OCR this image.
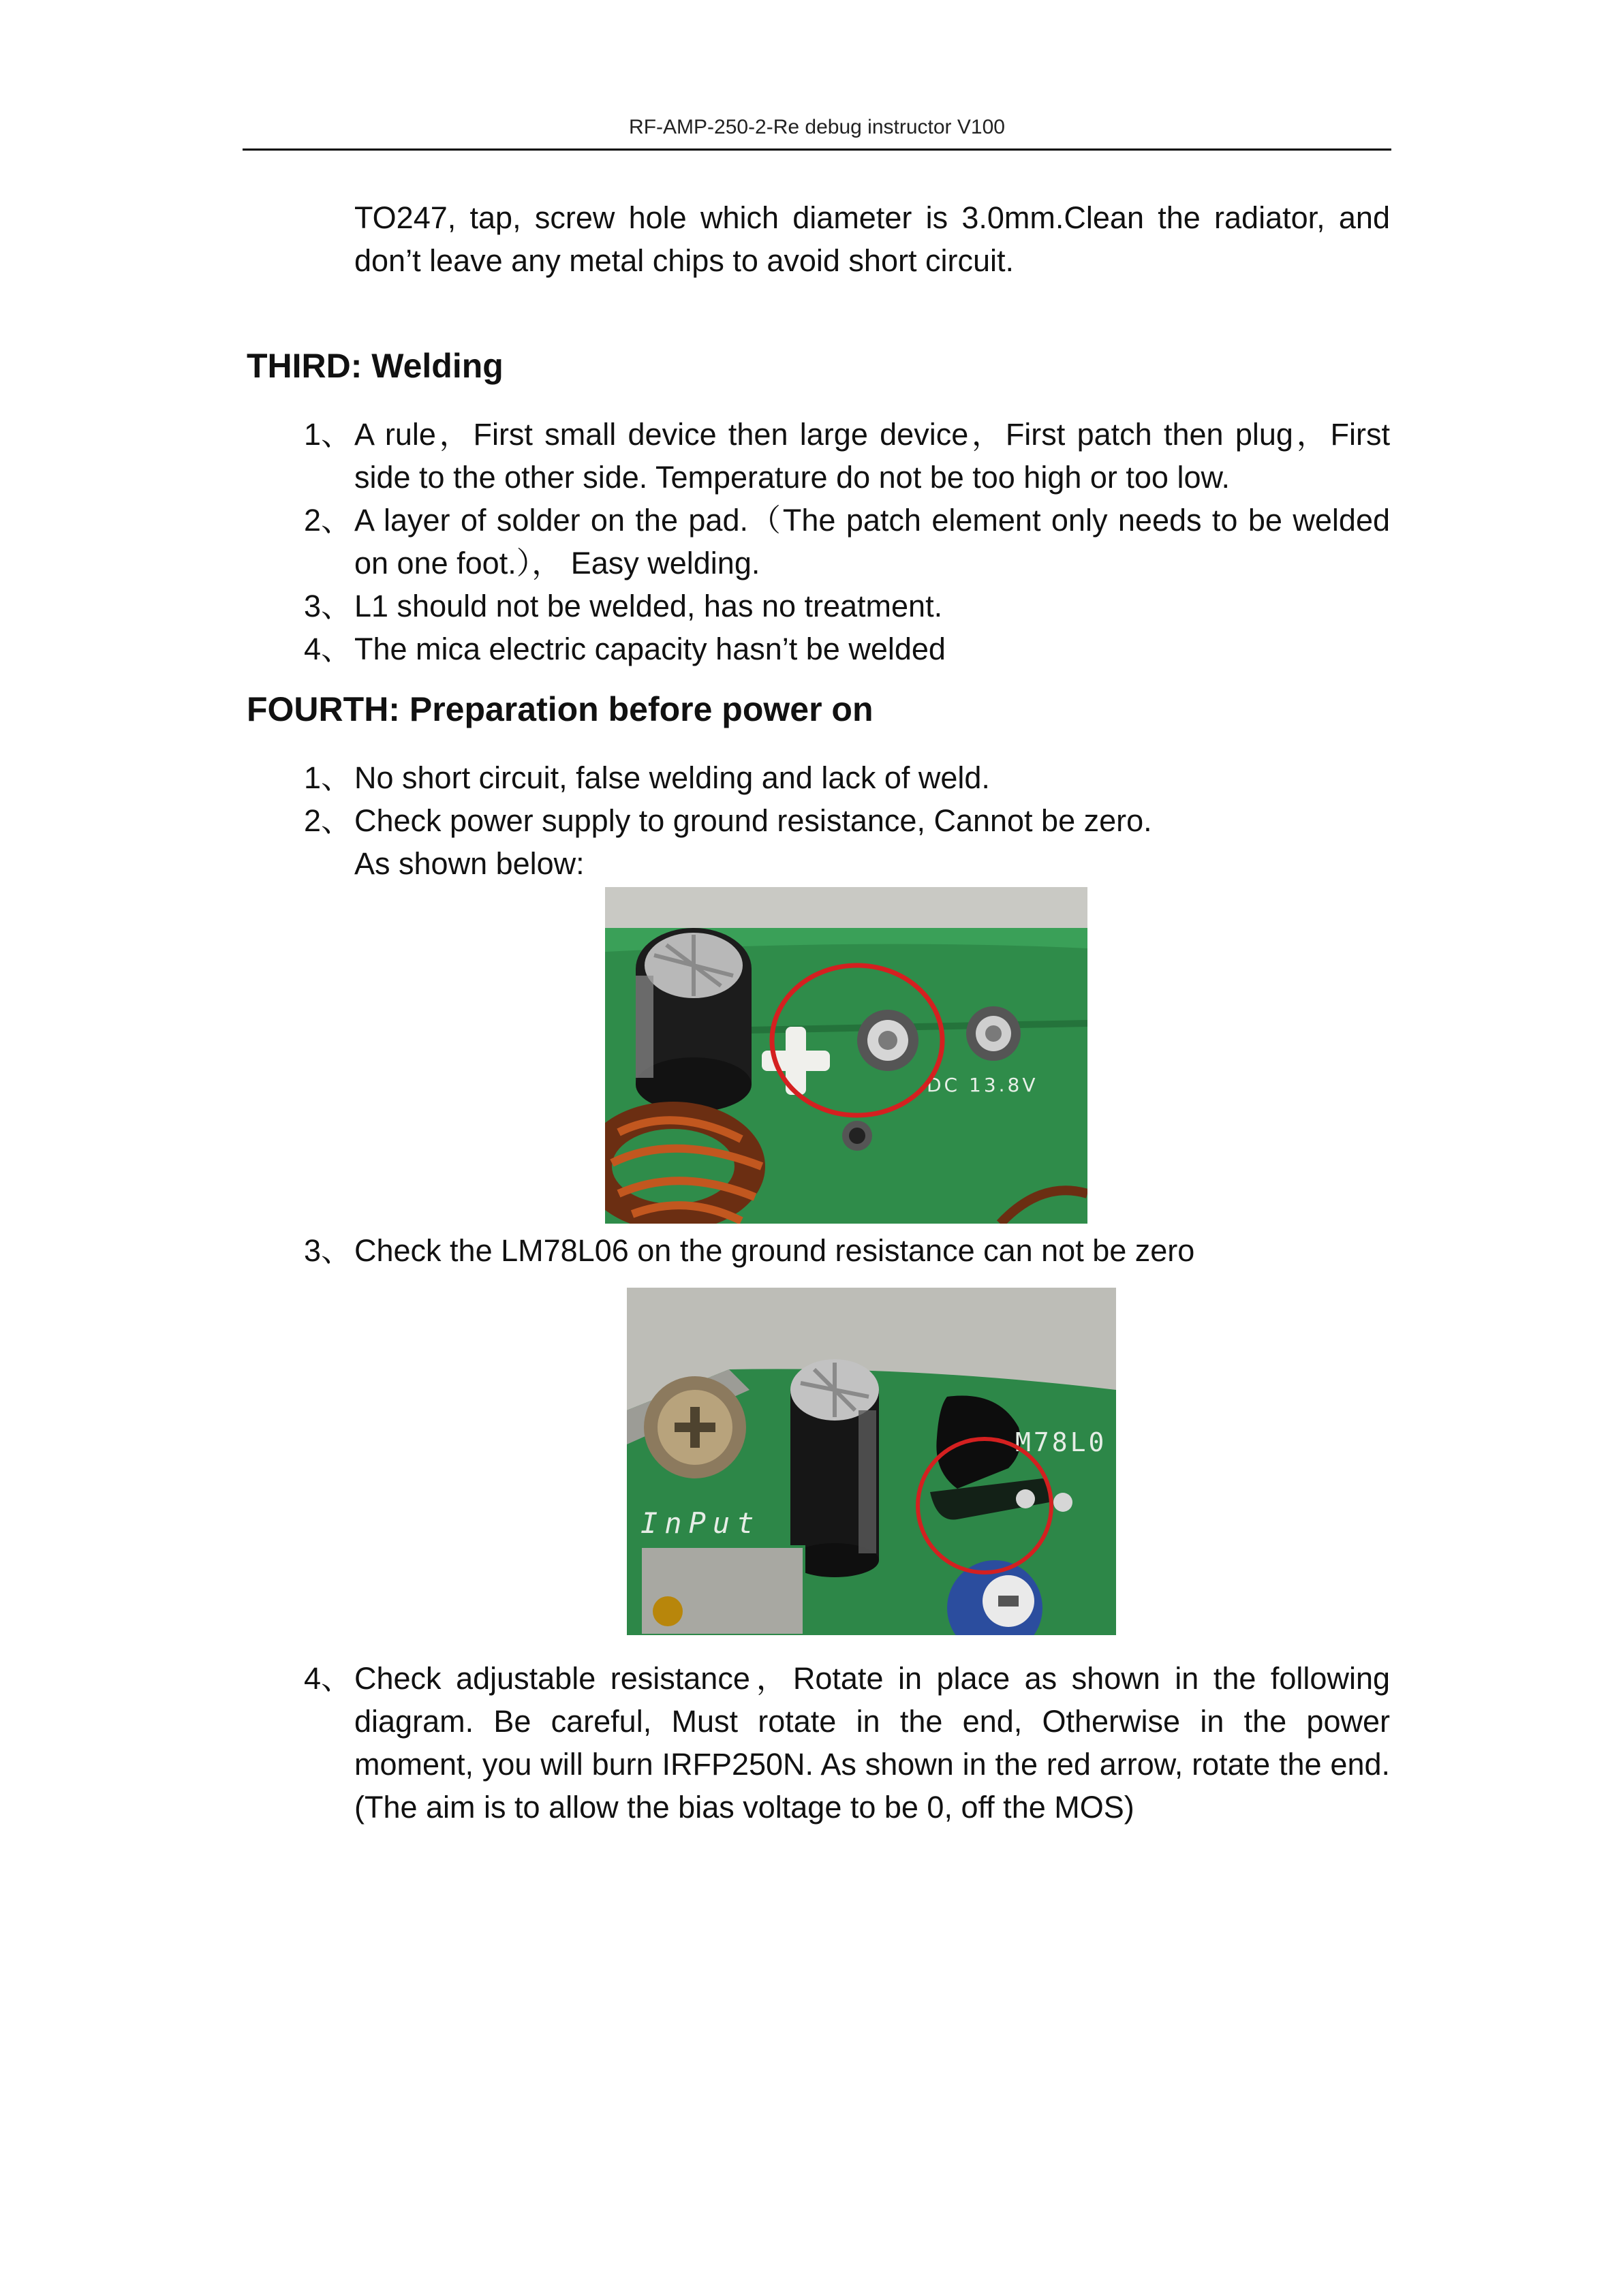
RF-AMP-250-2-Re debug instructor V100
TO247, tap, screw hole which diameter is 3.0mm.Clean the radiator, and don’t leave any metal chips to avoid short circuit.
THIRD: Welding
1、 A rule，First small device then large device，First patch then plug，First side to the other side. Temperature do not be too high or too low.
2、 A layer of solder on the pad.（The patch element only needs to be welded on one foot.）， Easy welding.
3、 L1 should not be welded, has no treatment.
4、 The mica electric capacity hasn’t be welded
FOURTH: Preparation before power on
1、 No short circuit, false welding and lack of weld.
2、 Check power supply to ground resistance, Cannot be zero.
As shown below:
DC 13.8V
3、 Check the LM78L06 on the ground resistance can not be zero
M78L0
InPut
4、 Check adjustable resistance，Rotate in place as shown in the following diagram. Be careful, Must rotate in the end, Otherwise in the power moment, you will burn IRFP250N. As shown in the red arrow, rotate the end. (The aim is to allow the bias voltage to be 0, off the MOS)
